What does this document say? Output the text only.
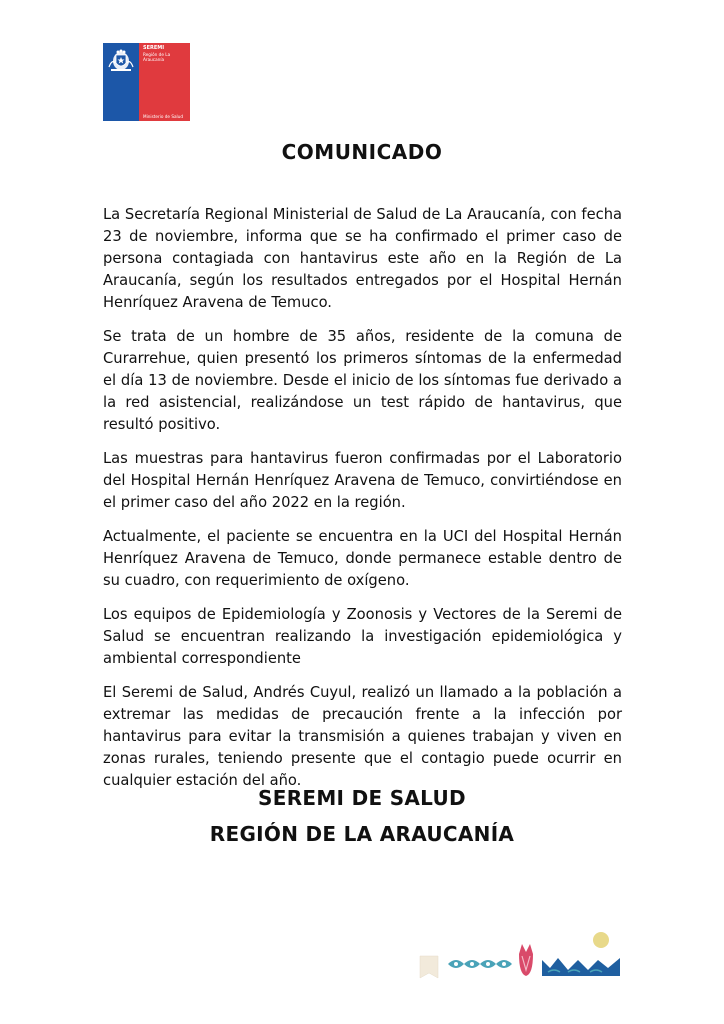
SEREMI
Región de La Araucanía
Ministerio de Salud
COMUNICADO

La Secretaría Regional Ministerial de Salud de La Araucanía, con fecha 23 de noviembre, informa que se ha confirmado el primer caso de persona contagiada con hantavirus este año en la Región de La Araucanía, según los resultados entregados por el Hospital Hernán Henríquez Aravena de Temuco.

Se trata de un hombre de 35 años, residente de la comuna de Curarrehue, quien presentó los primeros síntomas de la enfermedad el día 13 de noviembre. Desde el inicio de los síntomas fue derivado a la red asistencial, realizándose un test rápido de hantavirus, que resultó positivo.

Las muestras para hantavirus fueron confirmadas por el Laboratorio del Hospital Hernán Henríquez Aravena de Temuco, convirtiéndose en el primer caso del año 2022 en la región.

Actualmente, el paciente se encuentra en la UCI del Hospital Hernán Henríquez Aravena de Temuco, donde permanece estable dentro de su cuadro, con requerimiento de oxígeno.

Los equipos de Epidemiología y Zoonosis y Vectores de la Seremi de Salud se encuentran realizando la investigación epidemiológica y ambiental correspondiente

El Seremi de Salud, Andrés Cuyul, realizó un llamado a la población a extremar las medidas de precaución frente a la infección por hantavirus para evitar la transmisión a quienes trabajan y viven en zonas rurales, teniendo presente que el contagio puede ocurrir en cualquier estación del año.

SEREMI DE SALUD
REGIÓN DE LA ARAUCANÍA
